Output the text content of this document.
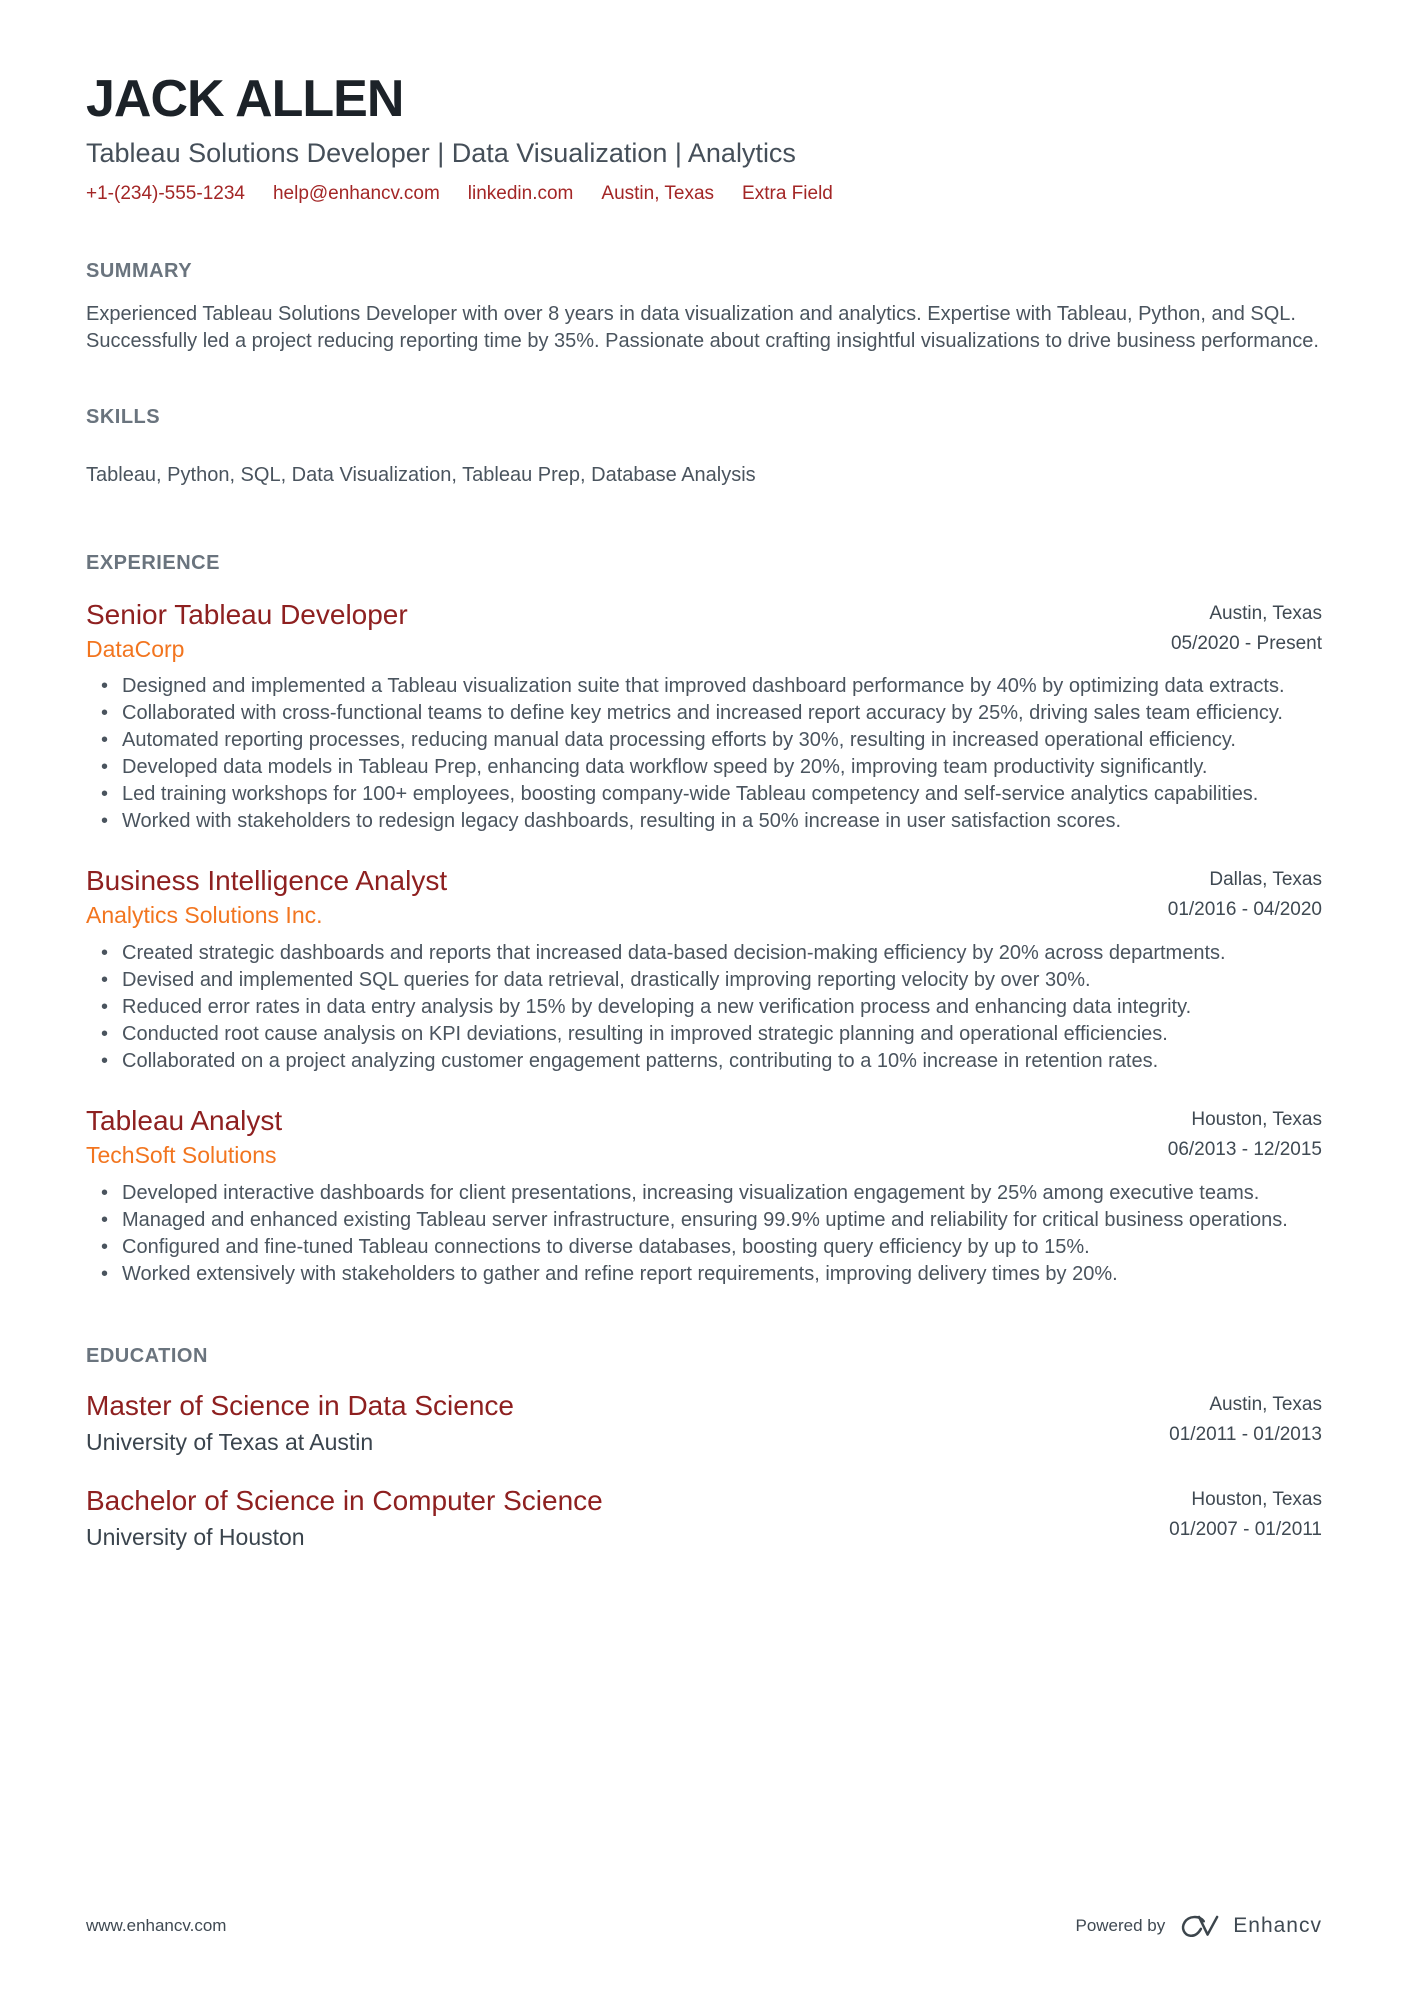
JACK ALLEN
Tableau Solutions Developer | Data Visualization | Analytics
+1-(234)-555-1234 help@enhancv.com linkedin.com Austin, Texas Extra Field
SUMMARY

Experienced Tableau Solutions Developer with over 8 years in data visualization and analytics. Expertise with Tableau, Python, and SQL. Successfully led a project reducing reporting time by 35%. Passionate about crafting insightful visualizations to drive business performance.

SKILLS

Tableau, Python, SQL, Data Visualization, Tableau Prep, Database Analysis

EXPERIENCE
Senior Tableau Developer
DataCorp
Austin, Texas
05/2020 - Present
• Designed and implemented a Tableau visualization suite that improved dashboard performance by 40% by optimizing data extracts.
• Collaborated with cross-functional teams to define key metrics and increased report accuracy by 25%, driving sales team efficiency.
• Automated reporting processes, reducing manual data processing efforts by 30%, resulting in increased operational efficiency.
• Developed data models in Tableau Prep, enhancing data workflow speed by 20%, improving team productivity significantly.
• Led training workshops for 100+ employees, boosting company-wide Tableau competency and self-service analytics capabilities.
• Worked with stakeholders to redesign legacy dashboards, resulting in a 50% increase in user satisfaction scores.
Business Intelligence Analyst
Analytics Solutions Inc.
Dallas, Texas
01/2016 - 04/2020
• Created strategic dashboards and reports that increased data-based decision-making efficiency by 20% across departments.
• Devised and implemented SQL queries for data retrieval, drastically improving reporting velocity by over 30%.
• Reduced error rates in data entry analysis by 15% by developing a new verification process and enhancing data integrity.
• Conducted root cause analysis on KPI deviations, resulting in improved strategic planning and operational efficiencies.
• Collaborated on a project analyzing customer engagement patterns, contributing to a 10% increase in retention rates.
Tableau Analyst
TechSoft Solutions
Houston, Texas
06/2013 - 12/2015
• Developed interactive dashboards for client presentations, increasing visualization engagement by 25% among executive teams.
• Managed and enhanced existing Tableau server infrastructure, ensuring 99.9% uptime and reliability for critical business operations.
• Configured and fine-tuned Tableau connections to diverse databases, boosting query efficiency by up to 15%.
• Worked extensively with stakeholders to gather and refine report requirements, improving delivery times by 20%.
EDUCATION
Master of Science in Data Science
University of Texas at Austin
Austin, Texas
01/2011 - 01/2013
Bachelor of Science in Computer Science
University of Houston
Houston, Texas
01/2007 - 01/2011
www.enhancv.com	Powered by	Enhancv
